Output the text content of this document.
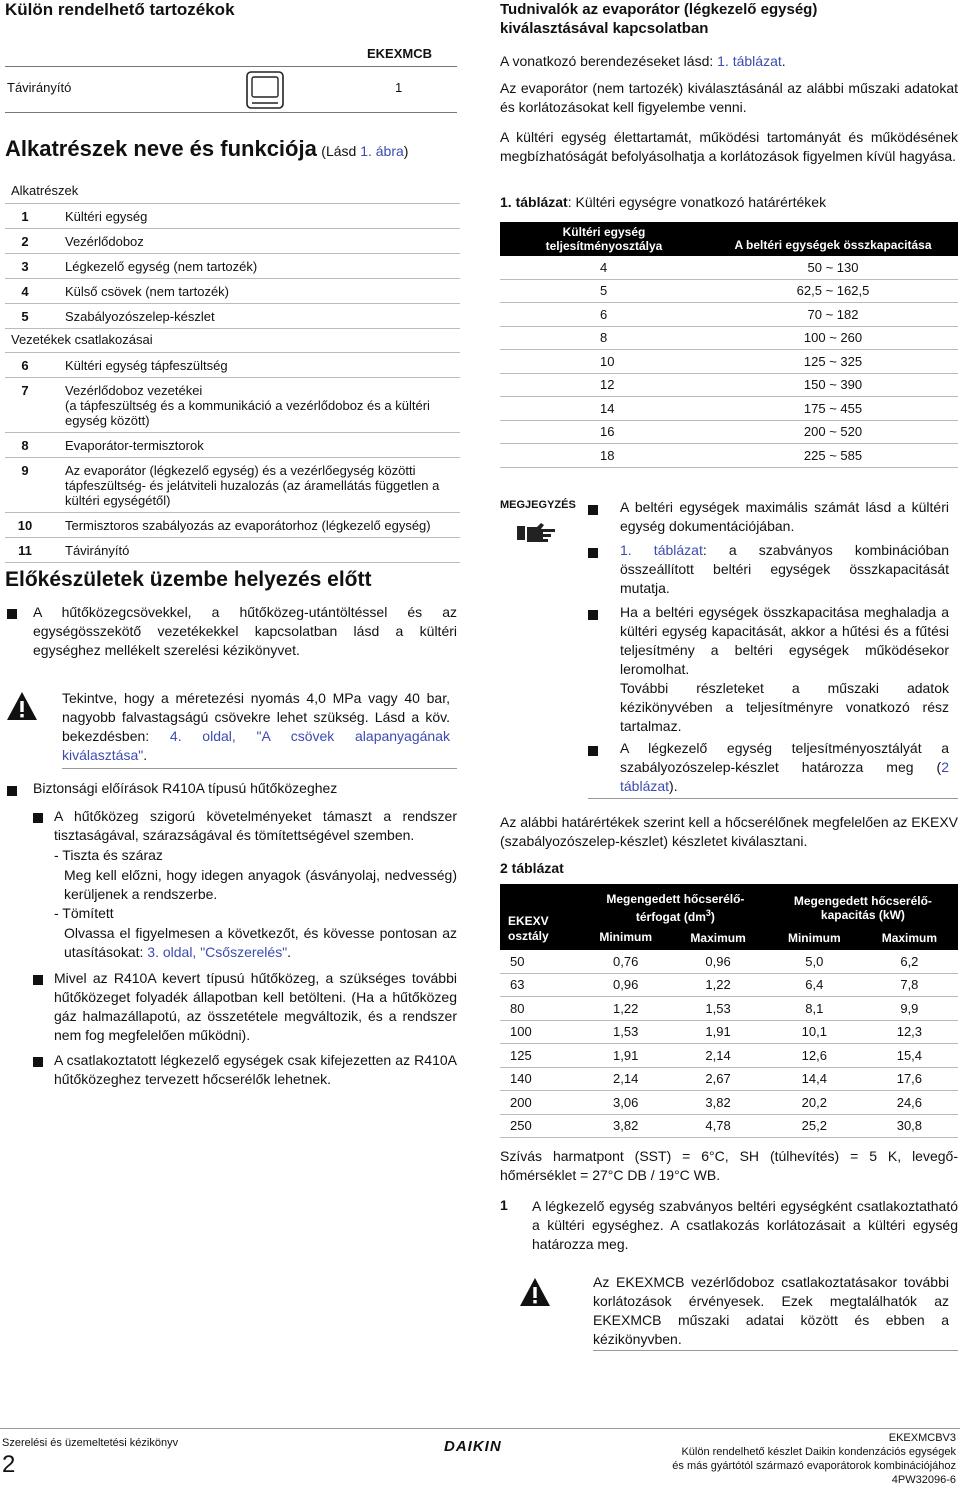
Külön rendelhető tartozékok
EKEXMCB
Távirányító	1
Alkatrészek neve és funkciója (Lásd 1. ábra)
Alkatrészek
1	Kültéri egység
2	Vezérlődoboz
3	Légkezelő egység (nem tartozék)
4	Külső csövek (nem tartozék)
5	Szabályozószelep-készlet
Vezetékek csatlakozásai
6	Kültéri egység tápfeszültség
7	Vezérlődoboz vezetékei
(a tápfeszültség és a kommunikáció a vezérlődoboz és a kültéri egység között)
8	Evaporátor-termisztorok
9	Az evaporátor (légkezelő egység) és a vezérlőegység közötti tápfeszültség- és jelátviteli huzalozás (az áramellátás független a kültéri egységétől)
10	Termisztoros szabályozás az evaporátorhoz (légkezelő egység)
11	Távirányító
Előkészületek üzembe helyezés előtt

A hűtőközegcsövekkel, a hűtőközeg-utántöltéssel és az egységösszekötő vezetékekkel kapcsolatban lásd a kültéri egységhez mellékelt szerelési kézikönyvet.

Tekintve, hogy a méretezési nyomás 4,0 MPa vagy 40 bar, nagyobb falvastagságú csövekre lehet szükség. Lásd a köv. bekezdésben: 4. oldal, "A csövek alapanyagának kiválasztása".

Biztonsági előírások R410A típusú hűtőközeghez

A hűtőközeg szigorú követelményeket támaszt a rendszer tisztaságával, szárazságával és tömítettségével szemben.

- Tiszta és száraz

Meg kell előzni, hogy idegen anyagok (ásványolaj, nedvesség) kerüljenek a rendszerbe.

- Tömített

Olvassa el figyelmesen a következőt, és kövesse pontosan az utasításokat: 3. oldal, "Csőszerelés".

Mivel az R410A kevert típusú hűtőközeg, a szükséges további hűtőközeget folyadék állapotban kell betölteni. (Ha a hűtőközeg gáz halmazállapotú, az összetétele megváltozik, és a rendszer nem fog megfelelően működni).

A csatlakoztatott légkezelő egységek csak kifejezetten az R410A hűtőközeghez tervezett hőcserélők lehetnek.

Tudnivalók az evaporátor (légkezelő egység) kiválasztásával kapcsolatban

A vonatkozó berendezéseket lásd: 1. táblázat.

Az evaporátor (nem tartozék) kiválasztásánál az alábbi műszaki adatokat és korlátozásokat kell figyelembe venni.

A kültéri egység élettartamát, működési tartományát és működésének megbízhatóságát befolyásolhatja a korlátozások figyelmen kívül hagyása.

1. táblázat: Kültéri egységre vonatkozó határértékek

Kültéri egység teljesítményosztálya	A beltéri egységek összkapacitása
4	50 ~ 130
5	62,5 ~ 162,5
6	70 ~ 182
8	100 ~ 260
10	125 ~ 325
12	150 ~ 390
14	175 ~ 455
16	200 ~ 520
18	225 ~ 585
MEGJEGYZÉS	A beltéri egységek maximális számát lásd a kültéri egység dokumentációjában.

1. táblázat: a szabványos kombinációban összeállított beltéri egységek összkapacitását mutatja.

Ha a beltéri egységek összkapacitása meghaladja a kültéri egység kapacitását, akkor a hűtési és a fűtési teljesítmény a beltéri egységek működésekor leromolhat.

További részleteket a műszaki adatok kézikönyvében a teljesítményre vonatkozó rész tartalmaz.

A légkezelő egység teljesítményosztályát a szabályozószelep-készlet határozza meg (2 táblázat).

Az alábbi határértékek szerint kell a hőcserélőnek megfelelően az EKEXV (szabályozószelep-készlet) készletet kiválasztani.

2 táblázat
EKEXV osztály	Megengedett hőcserélő-térfogat $(dm^3)$		Megengedett hőcserélő-kapacitás (kW)	
	Minimum	Maximum	Minimum	Maximum
50	0,76	0,96	5,0	6,2
63	0,96	1,22	6,4	7,8
80	1,22	1,53	8,1	9,9
100	1,53	1,91	10,1	12,3
125	1,91	2,14	12,6	15,4
140	2,14	2,67	14,4	17,6
200	3,06	3,82	20,2	24,6
250	3,82	4,78	25,2	30,8

Szívás harmatpont (SST) = 6°C, SH (túlhevítés) = 5 K, levegő-hőmérséklet = 27°C DB / 19°C WB.

1 A légkezelő egység szabványos beltéri egységként csatlakoztatható a kültéri egységhez. A csatlakozás korlátozásait a kültéri egység határozza meg.

Az EKEXMCB vezérlődoboz csatlakoztatásakor további korlátozások érvényesek. Ezek megtalálhatók az EKEXMCB műszaki adatai között és ebben a kézikönyvben.

Szerelési és üzemeltetési kézikönyv
2
DAIKIN	EKEXMCBV3
Külön rendelhető készlet Daikin kondenzációs egységek
és más gyártótól származó evaporátorok kombinációjához
4PW32096-6
